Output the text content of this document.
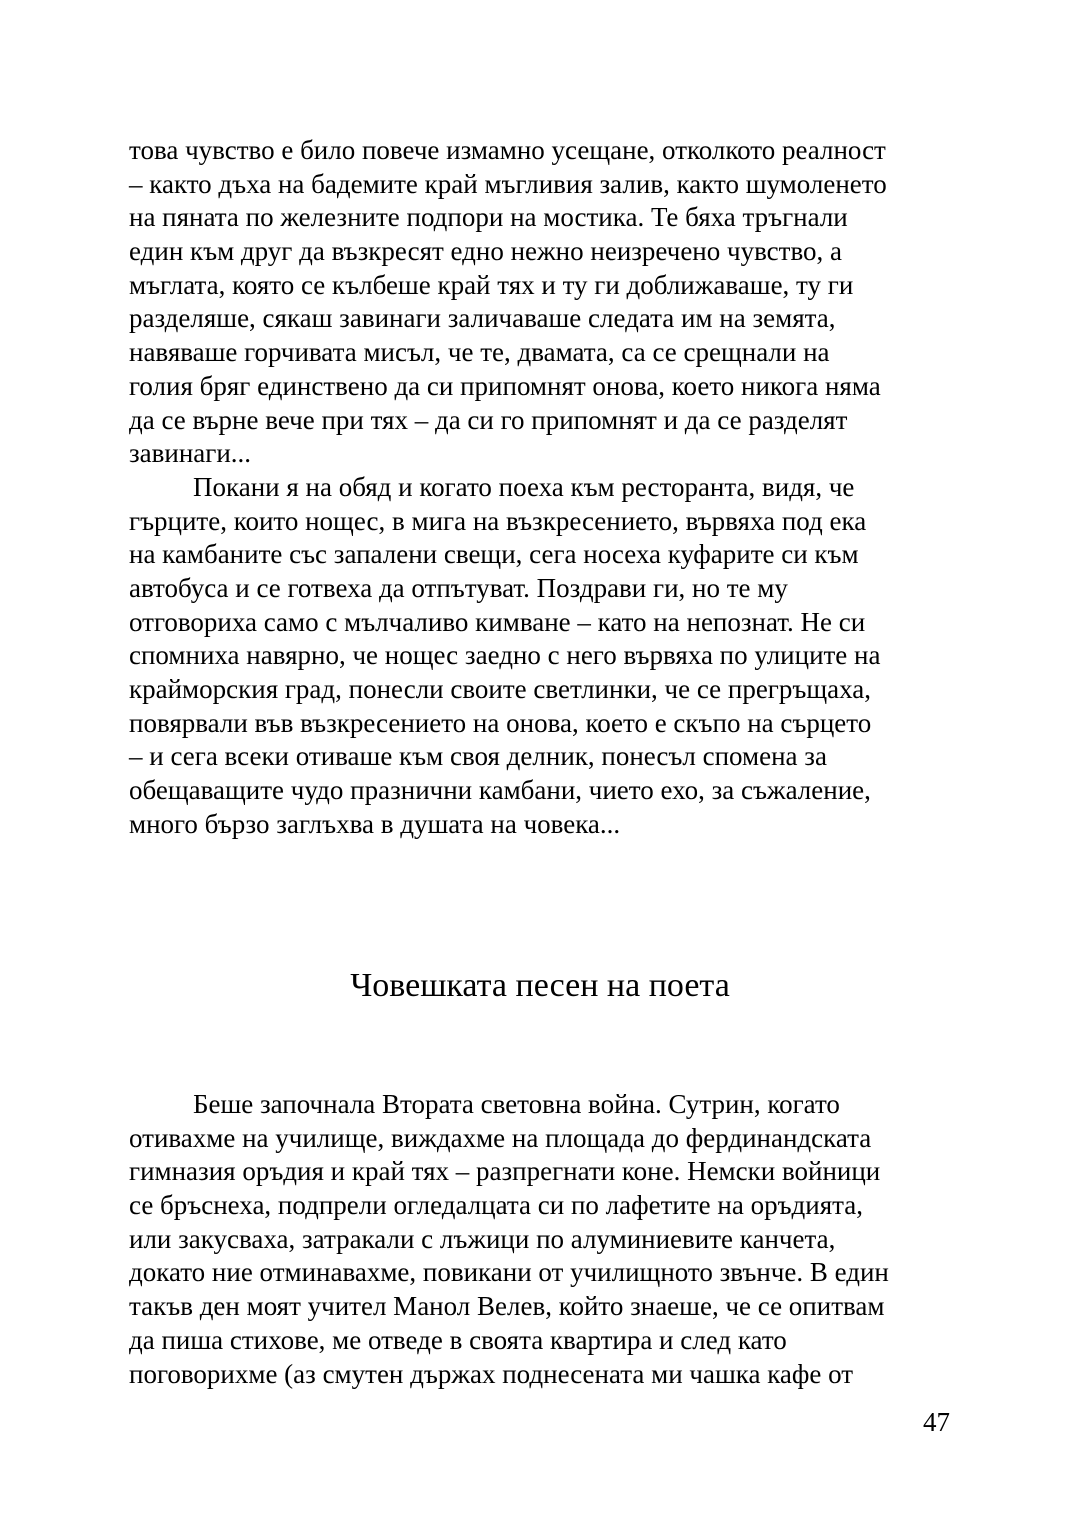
това чувство е било повече измамно усещане, отколкото реалност
– както дъха на бадемите край мъгливия залив, както шумоленето
на пяната по железните подпори на мостика. Те бяха тръгнали
един към друг да възкресят едно нежно неизречено чувство, а
мъглата, която се кълбеше край тях и ту ги доближаваше, ту ги
разделяше, сякаш завинаги заличаваше следата им на земята,
навяваше горчивата мисъл, че те, двамата, са се срещнали на
голия бряг единствено да си припомнят онова, което никога няма
да се върне вече при тях – да си го припомнят и да се разделят
завинаги...
Покани я на обяд и когато поеха към ресторанта, видя, че
гърците, които нощес, в мига на възкресението, вървяха под ека
на камбаните със запалени свещи, сега носеха куфарите си към
автобуса и се готвеха да отпътуват. Поздрави ги, но те му
отговориха само с мълчаливо кимване – като на непознат. Не си
спомниха навярно, че нощес заедно с него вървяха по улиците на
крайморския град, понесли своите светлинки, че се прегръщаха,
повярвали във възкресението на онова, което е скъпо на сърцето
– и сега всеки отиваше към своя делник, понесъл спомена за
обещаващите чудо празнични камбани, чието ехо, за съжаление,
много бързо заглъхва в душата на човека...
Човешката песен на поета
Беше започнала Втората световна война. Сутрин, когато
отивахме на училище, виждахме на площада до фердинандската
гимназия оръдия и край тях – разпрегнати коне. Немски войници
се бръснеха, подпрели огледалцата си по лафетите на оръдията,
или закусваха, затракали с лъжици по алуминиевите канчета,
докато ние отминавахме, повикани от училищното звънче. В един
такъв ден моят учител Манол Велев, който знаеше, че се опитвам
да пиша стихове, ме отведе в своята квартира и след като
поговорихме (аз смутен държах поднесената ми чашка кафе от
47
